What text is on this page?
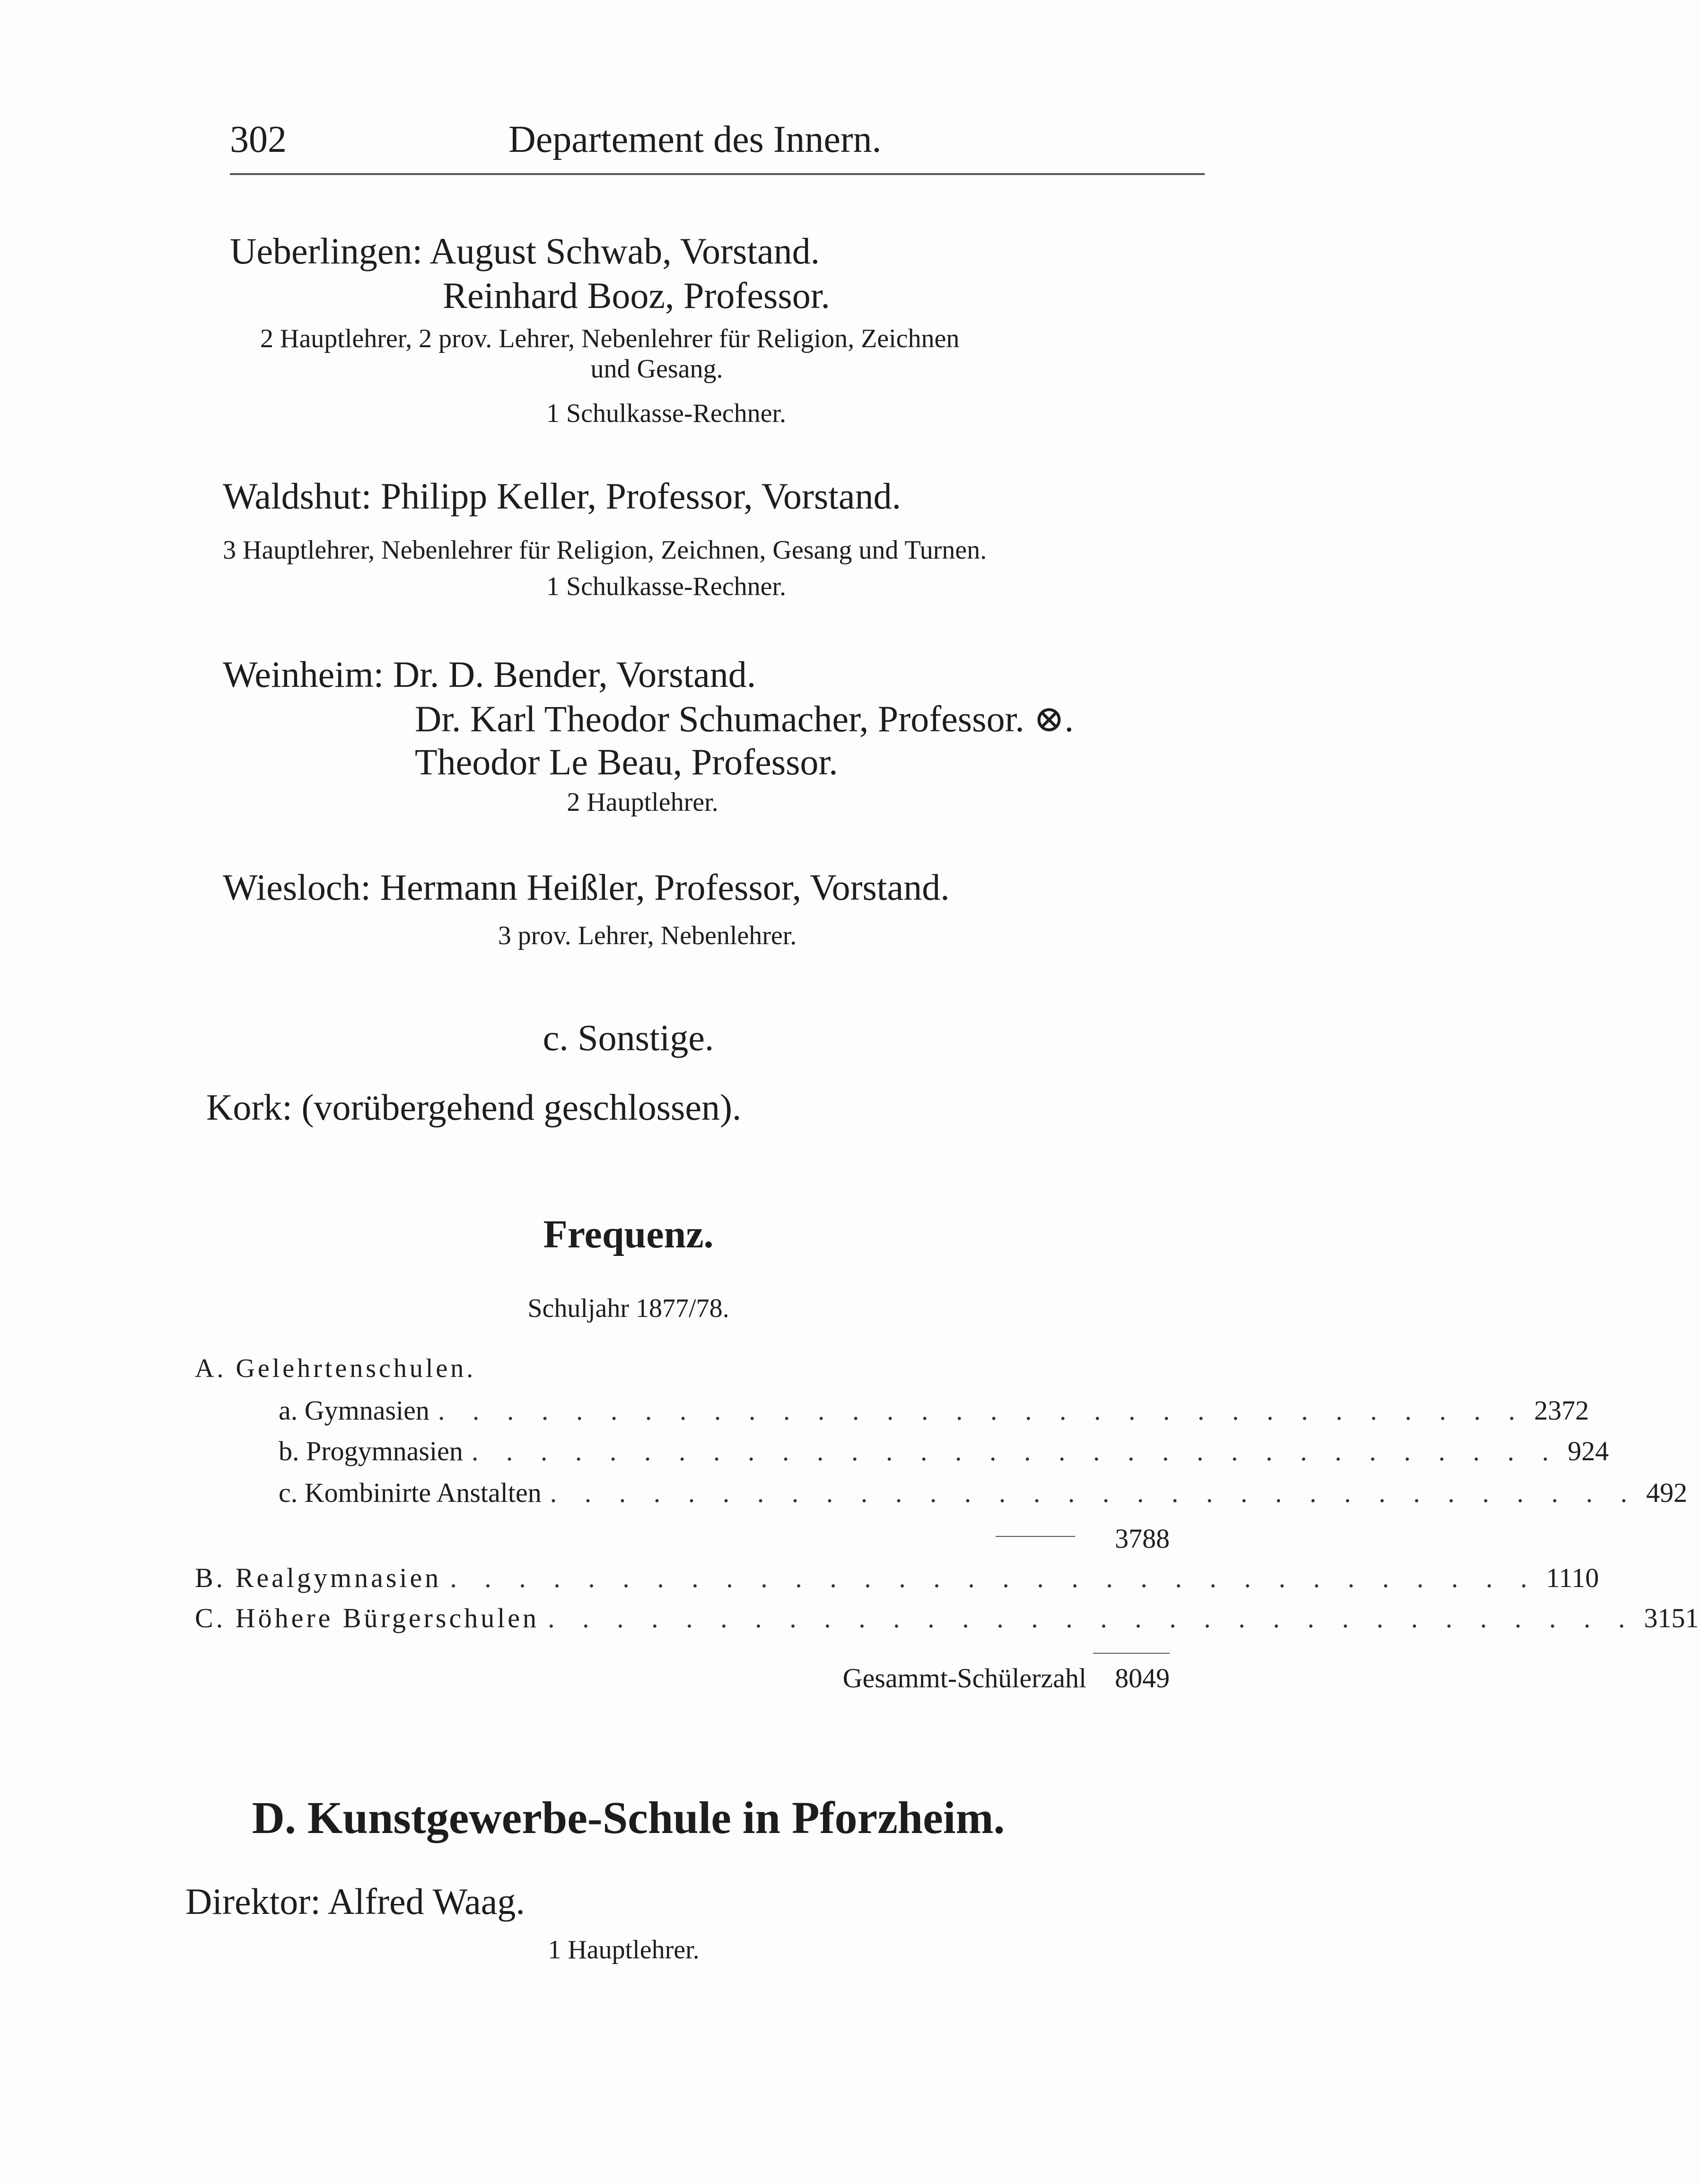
302	Departement des Innern.
Ueberlingen: August Schwab, Vorstand.
Reinhard Booz, Professor.
2 Hauptlehrer, 2 prov. Lehrer, Nebenlehrer für Religion, Zeichnen
und Gesang.
1 Schulkasse-Rechner.
Waldshut: Philipp Keller, Professor, Vorstand.
3 Hauptlehrer, Nebenlehrer für Religion, Zeichnen, Gesang und Turnen.
1 Schulkasse-Rechner.
Weinheim: Dr. D. Bender, Vorstand.
Dr. Karl Theodor Schumacher, Professor. ⊗.
Theodor Le Beau, Professor.
2 Hauptlehrer.
Wiesloch: Hermann Heißler, Professor, Vorstand.
3 prov. Lehrer, Nebenlehrer.
c. Sonstige.
Kork: (vorübergehend geschlossen).
Frequenz.
Schuljahr 1877/78.
A. Gelehrtenschulen.
a. Gymnasien . . . . . . . . . . . . . . . . . . . . . . . . . . . . . . . . 2372
b. Progymnasien . . . . . . . . . . . . . . . . . . . . . . . . . . . . . . . . 924
c. Kombinirte Anstalten . . . . . . . . . . . . . . . . . . . . . . . . . . . . . . . . 492
3788
B. Realgymnasien . . . . . . . . . . . . . . . . . . . . . . . . . . . . . . . . 1110
C. Höhere Bürgerschulen . . . . . . . . . . . . . . . . . . . . . . . . . . . . . . . . 3151
Gesammt-Schülerzahl 8049
D. Kunstgewerbe-Schule in Pforzheim.
Direktor: Alfred Waag.
1 Hauptlehrer.
